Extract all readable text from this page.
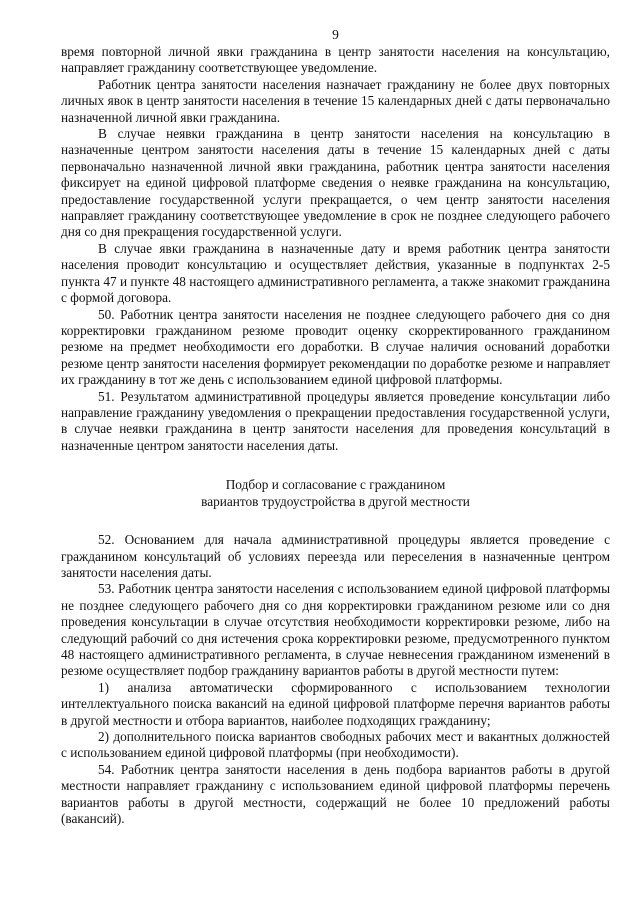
9

время повторной личной явки гражданина в центр занятости населения на консультацию, направляет гражданину соответствующее уведомление.

Работник центра занятости населения назначает гражданину не более двух повторных личных явок в центр занятости населения в течение 15 календарных дней с даты первоначально назначенной личной явки гражданина.

В случае неявки гражданина в центр занятости населения на консультацию в назначенные центром занятости населения даты в течение 15 календарных дней с даты первоначально назначенной личной явки гражданина, работник центра занятости населения фиксирует на единой цифровой платформе сведения о неявке гражданина на консультацию, предоставление государственной услуги прекращается, о чем центр занятости населения направляет гражданину соответствующее уведомление в срок не позднее следующего рабочего дня со дня прекращения государственной услуги.

В случае явки гражданина в назначенные дату и время работник центра занятости населения проводит консультацию и осуществляет действия, указанные в подпунктах 2-5 пункта 47 и пункте 48 настоящего административного регламента, а также знакомит гражданина с формой договора.

50. Работник центра занятости населения не позднее следующего рабочего дня со дня корректировки гражданином резюме проводит оценку скорректированного гражданином резюме на предмет необходимости его доработки. В случае наличия оснований доработки резюме центр занятости населения формирует рекомендации по доработке резюме и направляет их гражданину в тот же день с использованием единой цифровой платформы.

51. Результатом административной процедуры является проведение консультации либо направление гражданину уведомления о прекращении предоставления государственной услуги, в случае неявки гражданина в центр занятости населения для проведения консультаций в назначенные центром занятости населения даты.

Подбор и согласование с гражданином

вариантов трудоустройства в другой местности

52. Основанием для начала административной процедуры является проведение с гражданином консультаций об условиях переезда или переселения в назначенные центром занятости населения даты.

53. Работник центра занятости населения с использованием единой цифровой платформы не позднее следующего рабочего дня со дня корректировки гражданином резюме или со дня проведения консультации в случае отсутствия необходимости корректировки резюме, либо на следующий рабочий со дня истечения срока корректировки резюме, предусмотренного пунктом 48 настоящего административного регламента, в случае невнесения гражданином изменений в резюме осуществляет подбор гражданину вариантов работы в другой местности путем:

1) анализа автоматически сформированного с использованием технологии интеллектуального поиска вакансий на единой цифровой платформе перечня вариантов работы в другой местности и отбора вариантов, наиболее подходящих гражданину;

2) дополнительного поиска вариантов свободных рабочих мест и вакантных должностей с использованием единой цифровой платформы (при необходимости).

54. Работник центра занятости населения в день подбора вариантов работы в другой местности направляет гражданину с использованием единой цифровой платформы перечень вариантов работы в другой местности, содержащий не более 10 предложений работы (вакансий).
